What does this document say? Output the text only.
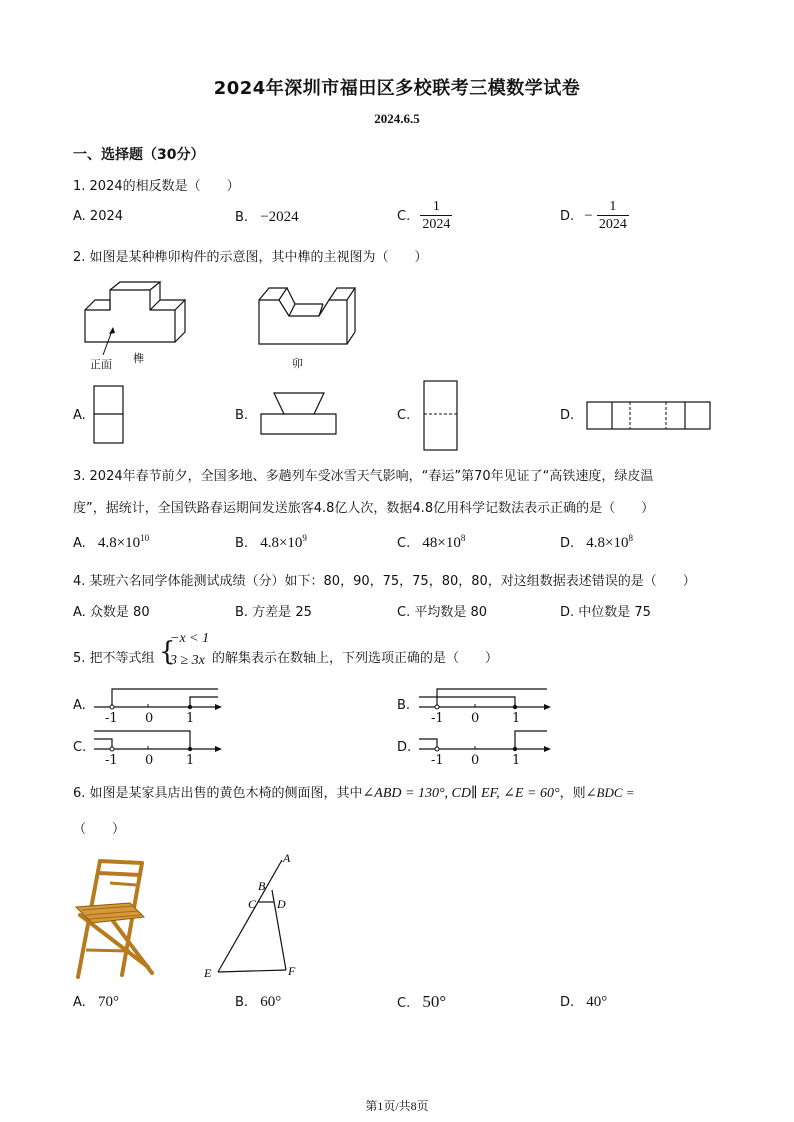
2024年深圳市福田区多校联考三模数学试卷
2024.6.5
一、选择题（30分）
1. 2024的相反数是（　　）
A. 2024	B. −2024	C. $\frac{1}{2024}$	D. − $\frac{1}{2024}$
2. 如图是某种榫卯构件的示意图，其中榫的主视图为（　　）
正面 榫	卯
A.	B.	C.	D.
3. 2024年春节前夕，全国多地、多趟列车受冰雪天气影响，“春运”第70年见证了“高铁速度，绿皮温
度”，据统计，全国铁路春运期间发送旅客4.8亿人次，数据4.8亿用科学记数法表示正确的是（　　）
A. $4.8\times 10^{10}$	B. $4.8\times 10^9$	C. $48\times 10^8$	D. $4.8\times 10^8$
4. 某班六名同学体能测试成绩（分）如下：80，90，75，75，80，80，对这组数据表述错误的是（　　）
A. 众数是 80	B. 方差是 25	C. 平均数是 80	D. 中位数是 75
5. 把不等式组 {
−x < 1
3 ≥ 3x 的解集表示在数轴上，下列选项正确的是（　　）
A.
-1 0	1
B.
-1 0	1
C.
-1 0	1
D.
-1 0	1
6. 如图是某家具店出售的黄色木椅的侧面图，其中∠ABD = 130°, CD∥ EF, ∠E = 60°，则∠BDC =
（　　）
A
B
C D
E	F
A. 70°	B. 60°	C. 50°	D. 40°
第1页/共8页
